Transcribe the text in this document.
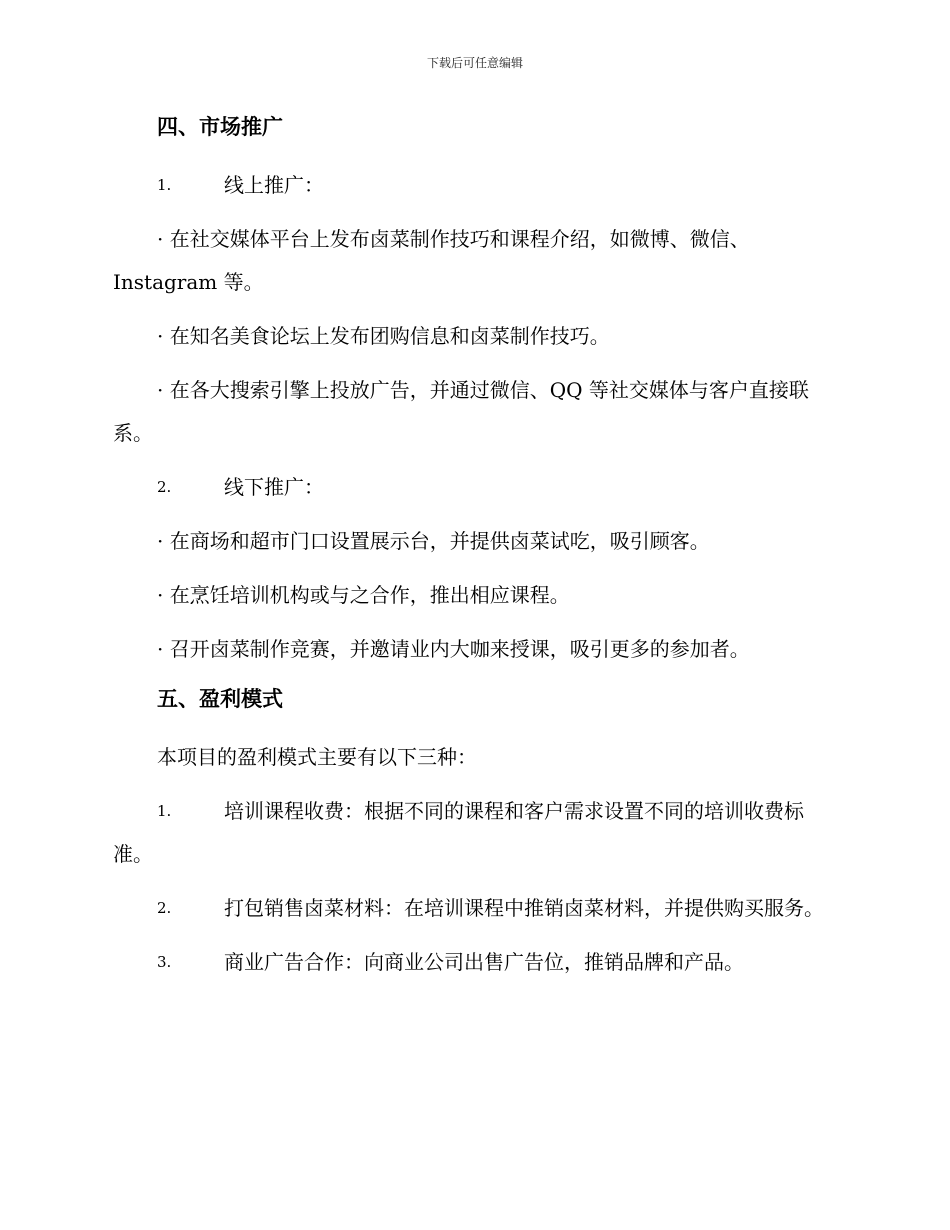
下载后可任意编辑
四、市场推广
1.	线上推广：
· 在社交媒体平台上发布卤菜制作技巧和课程介绍，如微博、微信、Instagram 等。
· 在知名美食论坛上发布团购信息和卤菜制作技巧。
· 在各大搜索引擎上投放广告，并通过微信、QQ 等社交媒体与客户直接联系。
2.	线下推广：
· 在商场和超市门口设置展示台，并提供卤菜试吃，吸引顾客。
· 在烹饪培训机构或与之合作，推出相应课程。
· 召开卤菜制作竞赛，并邀请业内大咖来授课，吸引更多的参加者。
五、盈利模式
本项目的盈利模式主要有以下三种：
1.	培训课程收费：根据不同的课程和客户需求设置不同的培训收费标准。
2.	打包销售卤菜材料：在培训课程中推销卤菜材料，并提供购买服务。
3.	商业广告合作：向商业公司出售广告位，推销品牌和产品。
